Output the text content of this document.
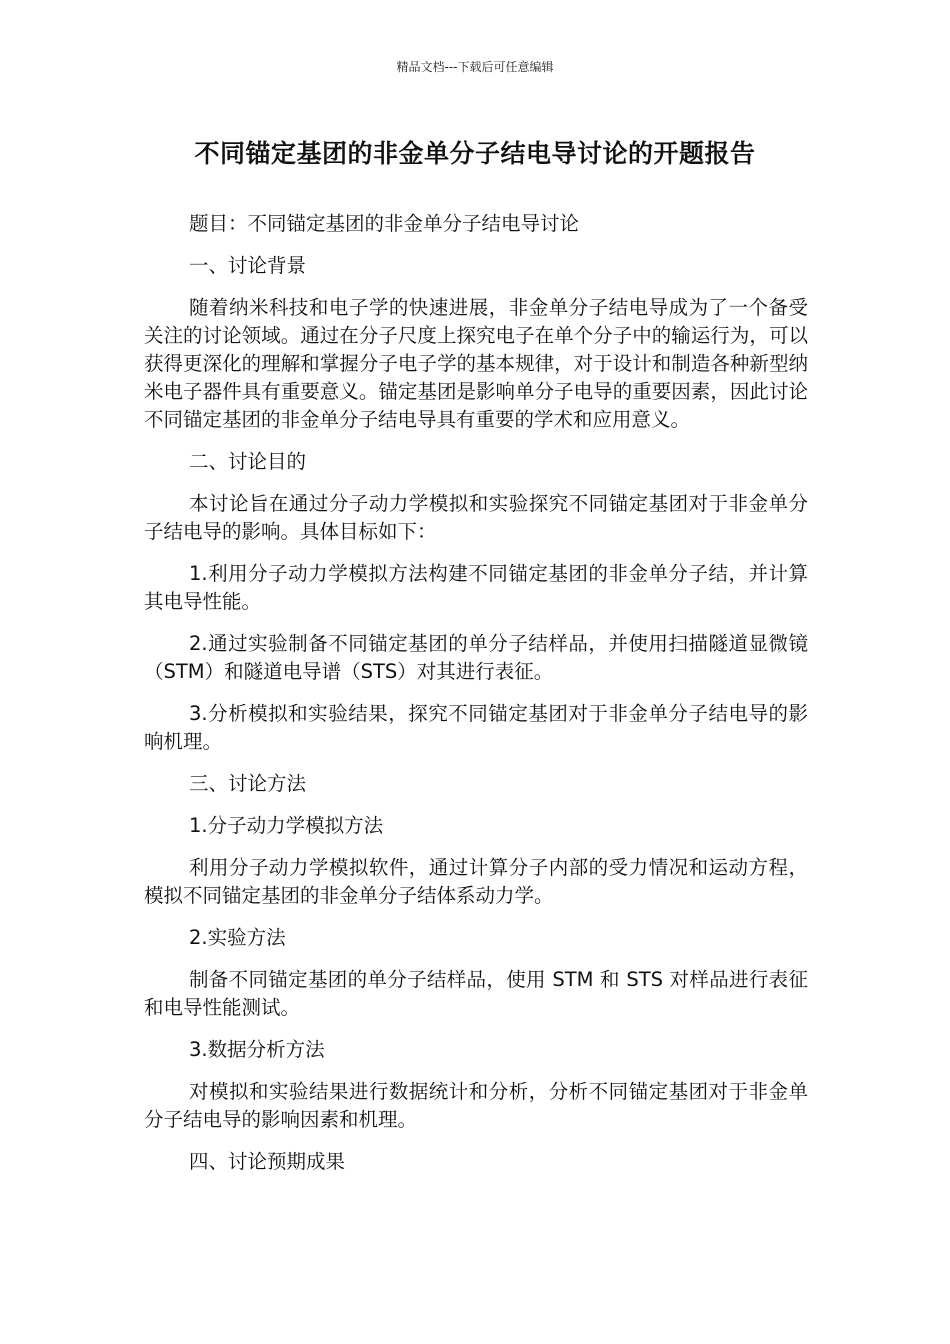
精品文档---下载后可任意编辑
不同锚定基团的非金单分子结电导讨论的开题报告

题目：不同锚定基团的非金单分子结电导讨论

一、讨论背景

随着纳米科技和电子学的快速进展，非金单分子结电导成为了一个备受关注的讨论领域。通过在分子尺度上探究电子在单个分子中的输运行为，可以获得更深化的理解和掌握分子电子学的基本规律，对于设计和制造各种新型纳米电子器件具有重要意义。锚定基团是影响单分子电导的重要因素，因此讨论不同锚定基团的非金单分子结电导具有重要的学术和应用意义。

二、讨论目的

本讨论旨在通过分子动力学模拟和实验探究不同锚定基团对于非金单分子结电导的影响。具体目标如下：

1.利用分子动力学模拟方法构建不同锚定基团的非金单分子结，并计算其电导性能。

2.通过实验制备不同锚定基团的单分子结样品，并使用扫描隧道显微镜（STM）和隧道电导谱（STS）对其进行表征。

3.分析模拟和实验结果，探究不同锚定基团对于非金单分子结电导的影响机理。

三、讨论方法

1.分子动力学模拟方法

利用分子动力学模拟软件，通过计算分子内部的受力情况和运动方程，模拟不同锚定基团的非金单分子结体系动力学。

2.实验方法

制备不同锚定基团的单分子结样品，使用 STM 和 STS 对样品进行表征和电导性能测试。

3.数据分析方法

对模拟和实验结果进行数据统计和分析，分析不同锚定基团对于非金单分子结电导的影响因素和机理。

四、讨论预期成果
